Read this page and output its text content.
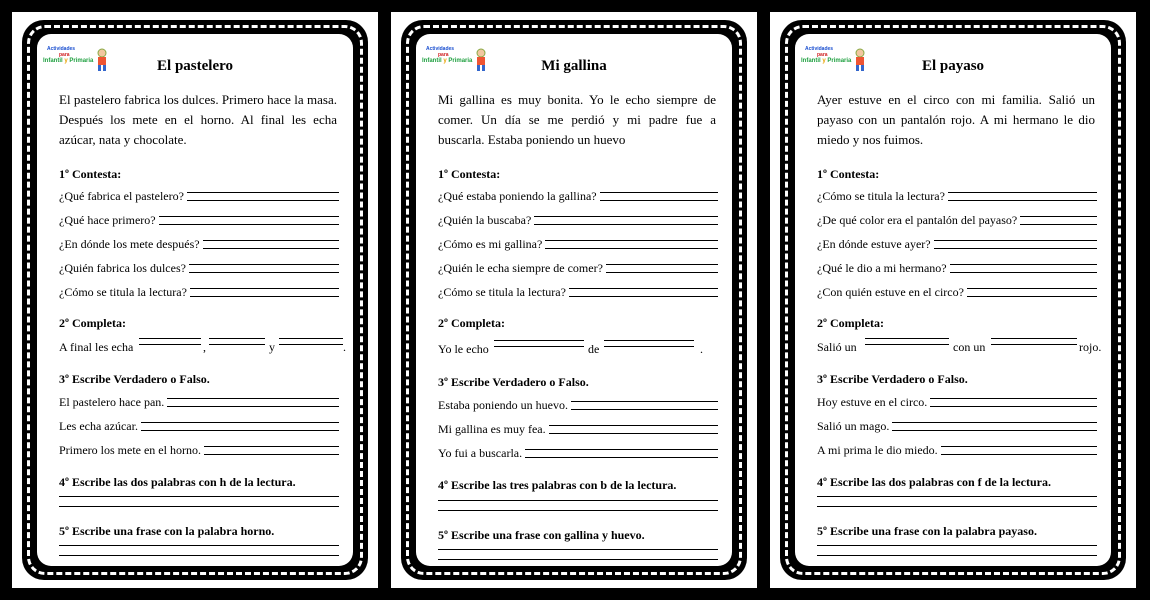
Actividades
para
Infantil y Primaria	El pastelero
El pastelero fabrica los dulces. Primero hace la masa. Después los mete en el horno. Al final les echa azúcar, nata y chocolate.
1º Contesta:
¿Qué fabrica el pastelero?
¿Qué hace primero?
¿En dónde los mete después?
¿Quién fabrica los dulces?
¿Cómo se titula la lectura?
2º Completa:
A final les echa	,	y	.
3º Escribe Verdadero o Falso.
El pastelero hace pan.
Les echa azúcar.
Primero los mete en el horno.
4º Escribe las dos palabras con h de la lectura.
5º Escribe una frase con la palabra horno.
Actividades
para
Infantil y Primaria	Mi gallina
Mi gallina es muy bonita. Yo le echo siempre de comer. Un día se me perdió y mi padre fue a buscarla. Estaba poniendo un huevo
1º Contesta:
¿Qué estaba poniendo la gallina?
¿Quién la buscaba?
¿Cómo es mi gallina?
¿Quién le echa siempre de comer?
¿Cómo se titula la lectura?
2º Completa:
Yo le echo	de	.
3º Escribe Verdadero o Falso.
Estaba poniendo un huevo.
Mi gallina es muy fea.
Yo fui a buscarla.
4º Escribe las tres palabras con b de la lectura.
5º Escribe una frase con gallina y huevo.
Actividades
para
Infantil y Primaria	El payaso
Ayer estuve en el circo con mi familia. Salió un payaso con un pantalón rojo. A mi hermano le dio miedo y nos fuimos.
1º Contesta:
¿Cómo se titula la lectura?
¿De qué color era el pantalón del payaso?
¿En dónde estuve ayer?
¿Qué le dio a mi hermano?
¿Con quién estuve en el circo?
2º Completa:
Salió un	con un	rojo.
3º Escribe Verdadero o Falso.
Hoy estuve en el circo.
Salió un mago.
A mi prima le dio miedo.
4º Escribe las dos palabras con f de la lectura.
5º Escribe una frase con la palabra payaso.
